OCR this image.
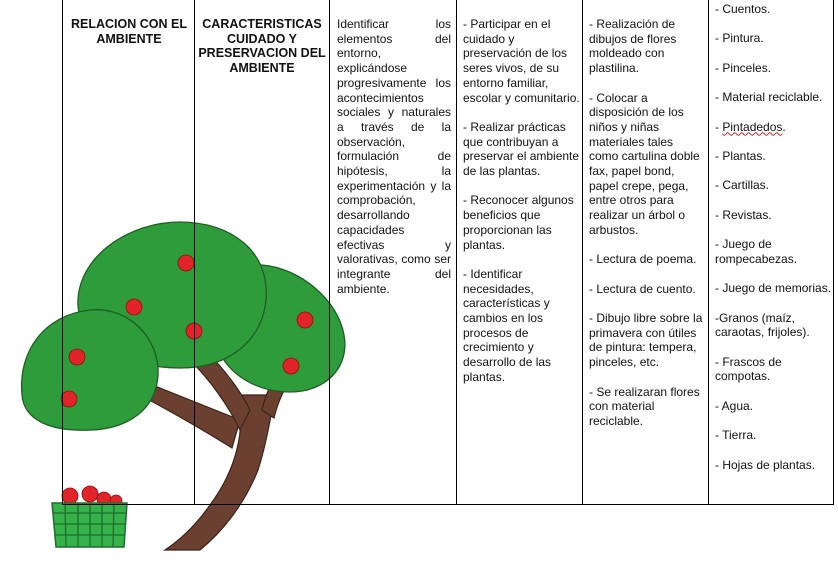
RELACION CON EL AMBIENTE
CARACTERISTICAS CUIDADO Y PRESERVACION DEL AMBIENTE
Identificar los elementos del entorno, explicándose progresivamente los acontecimientos sociales y naturales a través de la observación, formulación de hipótesis, la experimentación y la comprobación, desarrollando capacidades efectivas y valorativas, como ser integrante del ambiente.
- Participar en el cuidado y preservación de los seres vivos, de su entorno familiar, escolar y comunitario.
- Realizar prácticas que contribuyan a preservar el ambiente de las plantas.
- Reconocer algunos beneficios que proporcionan las plantas.
- Identificar necesidades, características y cambios en los procesos de crecimiento y desarrollo de las plantas.
- Realización de dibujos de flores moldeado con plastilina.
- Colocar a disposición de los niños y niñas materiales tales como cartulina doble fax, papel bond, papel crepe, pega, entre otros para realizar un árbol o arbustos.
- Lectura de poema.
- Lectura de cuento.
- Dibujo libre sobre la primavera con útiles de pintura: tempera, pinceles, etc.
- Se realizaran flores con material reciclable.
- Cuentos.
- Pintura.
- Pinceles.
- Material reciclable.
- Pintadedos.
- Plantas.
- Cartillas.
- Revistas.
- Juego de rompecabezas.
- Juego de memorias.
-Granos (maíz, caraotas, frijoles).
- Frascos de compotas.
- Agua.
- Tierra.
- Hojas de plantas.
